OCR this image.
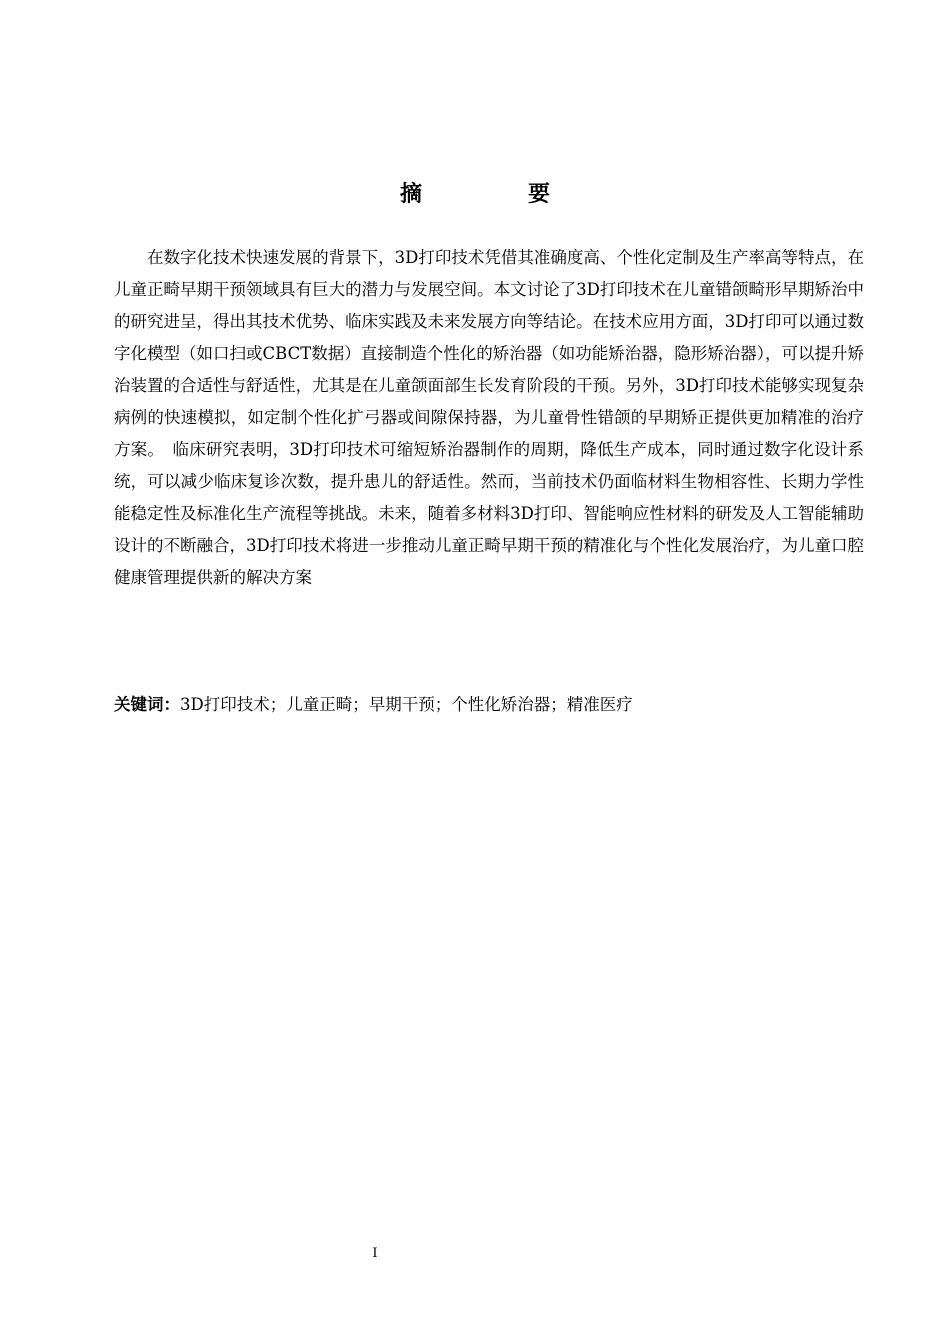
摘　要

在数字化技术快速发展的背景下，3D打印技术凭借其准确度高、个性化定制及生产率高等特点，在儿童正畸早期干预领域具有巨大的潜力与发展空间。本文讨论了3D打印技术在儿童错颌畸形早期矫治中的研究进呈，得出其技术优势、临床实践及未来发展方向等结论。在技术应用方面，3D打印可以通过数字化模型（如口扫或CBCT数据）直接制造个性化的矫治器（如功能矫治器，隐形矫治器），可以提升矫治装置的合适性与舒适性，尤其是在儿童颌面部生长发育阶段的干预。另外，3D打印技术能够实现复杂病例的快速模拟，如定制个性化扩弓器或间隙保持器，为儿童骨性错颌的早期矫正提供更加精准的治疗方案。　临床研究表明，3D打印技术可缩短矫治器制作的周期，降低生产成本，同时通过数字化设计系统，可以减少临床复诊次数，提升患儿的舒适性。然而，当前技术仍面临材料生物相容性、长期力学性能稳定性及标准化生产流程等挑战。未来，随着多材料3D打印、智能响应性材料的研发及人工智能辅助设计的不断融合，3D打印技术将进一步推动儿童正畸早期干预的精准化与个性化发展治疗，为儿童口腔健康管理提供新的解决方案

关键词：3D打印技术；儿童正畸；早期干预；个性化矫治器；精准医疗
I
